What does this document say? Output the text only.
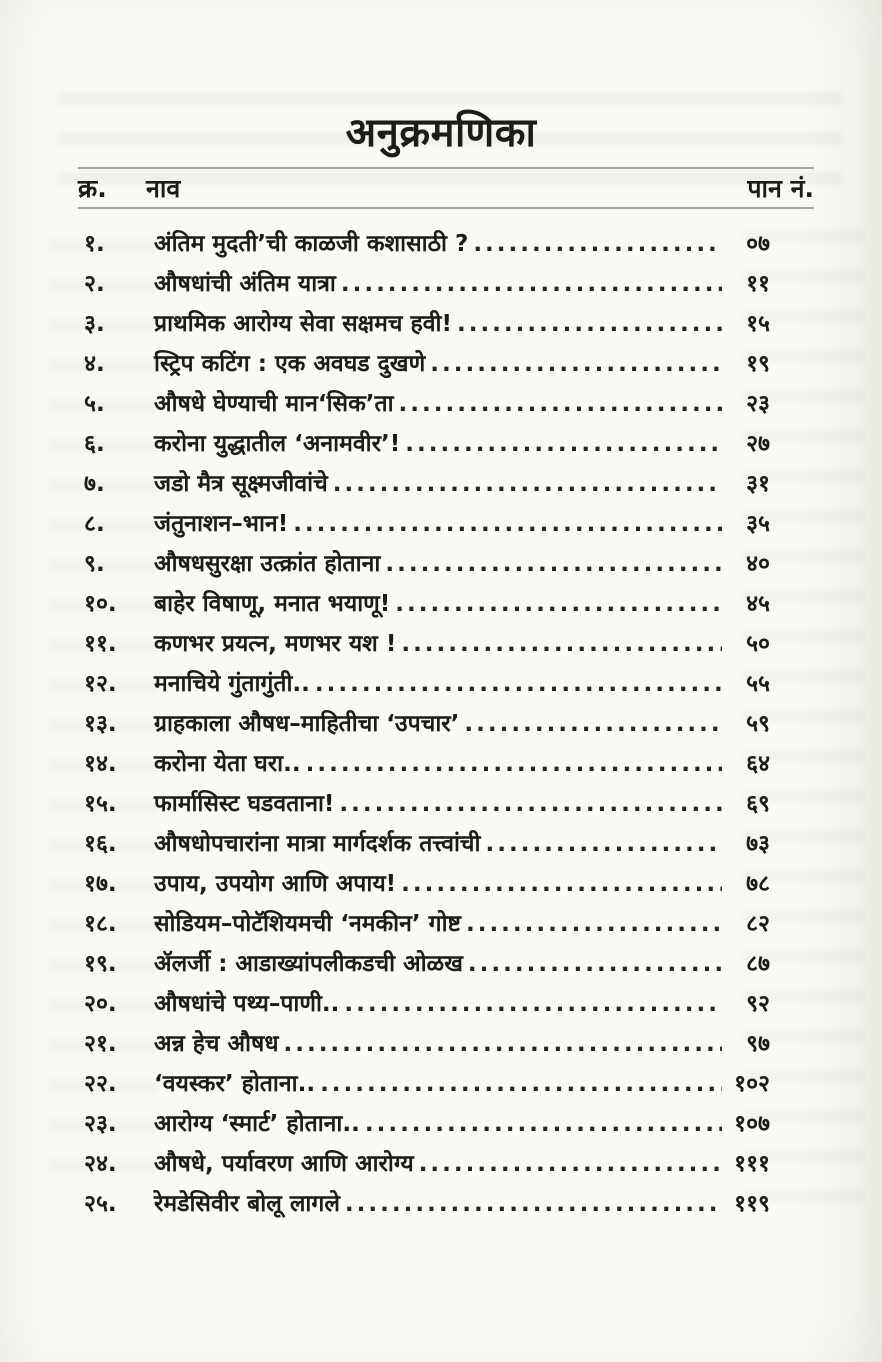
अनुक्रमणिका
क्र.	नाव	पान नं.
१.	अंतिम मुदती’ची काळजी कशासाठी ? .....	०७
२.	औषधांची अंतिम यात्रा .....	११
३.	प्राथमिक आरोग्य सेवा सक्षमच हवी! .....	१५
४.	स्ट्रिप कटिंग : एक अवघड दुखणे .....	१९
५.	औषधे घेण्याची मान‘सिक’ता .....	२३
६.	करोना युद्धातील ‘अनामवीर’! .....	२७
७.	जडो मैत्र सूक्ष्मजीवांचे .....	३१
८.	जंतुनाशन–भान! .....	३५
९.	औषधसुरक्षा उत्क्रांत होताना .....	४०
१०.	बाहेर विषाणू, मनात भयाणू! .....	४५
११.	कणभर प्रयत्न, मणभर यश ! .....	५०
१२.	मनाचिये गुंतागुंती.. .....	५५
१३.	ग्राहकाला औषध–माहितीचा ‘उपचार’ .....	५९
१४.	करोना येता घरा.. .....	६४
१५.	फार्मासिस्ट घडवताना! .....	६९
१६.	औषधोपचारांना मात्रा मार्गदर्शक तत्त्वांची .....	७३
१७.	उपाय, उपयोग आणि अपाय! .....	७८
१८.	सोडियम–पोटॅशियमची ‘नमकीन’ गोष्ट .....	८२
१९.	ॲलर्जी : आडाख्यांपलीकडची ओळख .....	८७
२०.	औषधांचे पथ्य–पाणी.. .....	९२
२१.	अन्न हेच औषध .....	९७
२२.	‘वयस्कर’ होताना.. .....	१०२
२३.	आरोग्य ‘स्मार्ट’ होताना.. .....	१०७
२४.	औषधे, पर्यावरण आणि आरोग्य .....	१११
२५.	रेमडेसिवीर बोलू लागले .....	११९
